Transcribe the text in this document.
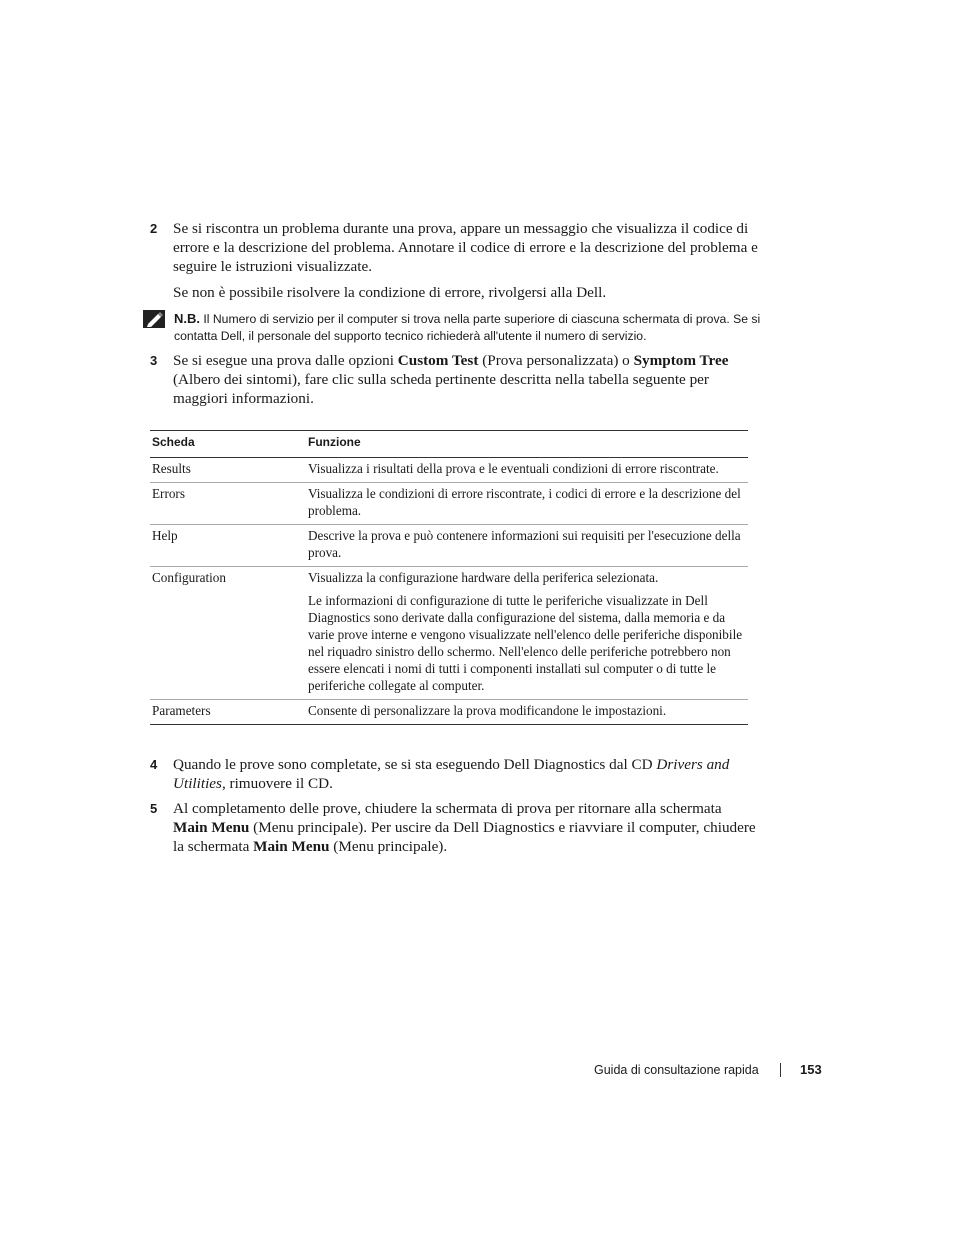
2 Se si riscontra un problema durante una prova, appare un messaggio che visualizza il codice di errore e la descrizione del problema. Annotare il codice di errore e la descrizione del problema e seguire le istruzioni visualizzate.
Se non è possibile risolvere la condizione di errore, rivolgersi alla Dell.
N.B. Il Numero di servizio per il computer si trova nella parte superiore di ciascuna schermata di prova. Se si contatta Dell, il personale del supporto tecnico richiederà all'utente il numero di servizio.
3 Se si esegue una prova dalle opzioni Custom Test (Prova personalizzata) o Symptom Tree (Albero dei sintomi), fare clic sulla scheda pertinente descritta nella tabella seguente per maggiori informazioni.
Scheda	Funzione
Results	Visualizza i risultati della prova e le eventuali condizioni di errore riscontrate.
Errors	Visualizza le condizioni di errore riscontrate, i codici di errore e la descrizione del problema.
Help	Descrive la prova e può contenere informazioni sui requisiti per l'esecuzione della prova.
Configuration	Visualizza la configurazione hardware della periferica selezionata.

Le informazioni di configurazione di tutte le periferiche visualizzate in Dell Diagnostics sono derivate dalla configurazione del sistema, dalla memoria e da varie prove interne e vengono visualizzate nell'elenco delle periferiche disponibile nel riquadro sinistro dello schermo. Nell'elenco delle periferiche potrebbero non essere elencati i nomi di tutti i componenti installati sul computer o di tutte le periferiche collegate al computer.

Parameters	Consente di personalizzare la prova modificandone le impostazioni.
4 Quando le prove sono completate, se si sta eseguendo Dell Diagnostics dal CD Drivers and Utilities, rimuovere il CD.
5 Al completamento delle prove, chiudere la schermata di prova per ritornare alla schermata Main Menu (Menu principale). Per uscire da Dell Diagnostics e riavviare il computer, chiudere la schermata Main Menu (Menu principale).
Guida di consultazione rapida	153
